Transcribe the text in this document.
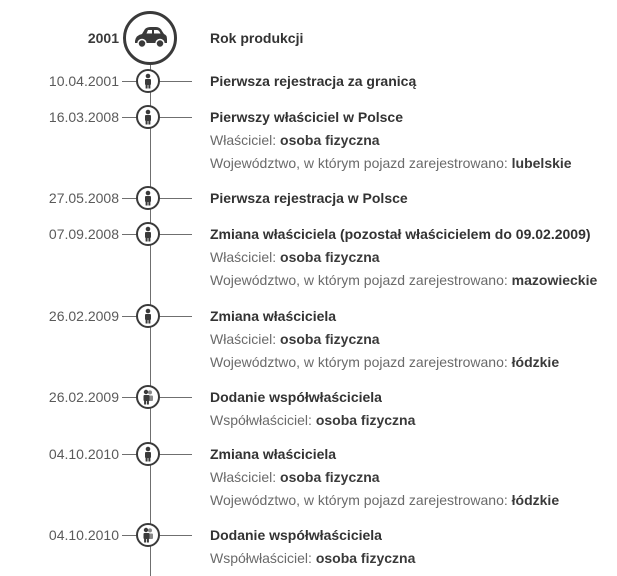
2001	Rok produkcji
10.04.2001	Pierwsza rejestracja za granicą
16.03.2008	Pierwszy właściciel w Polsce
Właściciel: osoba fizyczna
Województwo, w którym pojazd zarejestrowano: lubelskie
27.05.2008	Pierwsza rejestracja w Polsce
07.09.2008	Zmiana właściciela (pozostał właścicielem do 09.02.2009)
Właściciel: osoba fizyczna
Województwo, w którym pojazd zarejestrowano: mazowieckie
26.02.2009	Zmiana właściciela
Właściciel: osoba fizyczna
Województwo, w którym pojazd zarejestrowano: łódzkie
26.02.2009	Dodanie współwłaściciela
Współwłaściciel: osoba fizyczna
04.10.2010	Zmiana właściciela
Właściciel: osoba fizyczna
Województwo, w którym pojazd zarejestrowano: łódzkie
04.10.2010	Dodanie współwłaściciela
Współwłaściciel: osoba fizyczna
